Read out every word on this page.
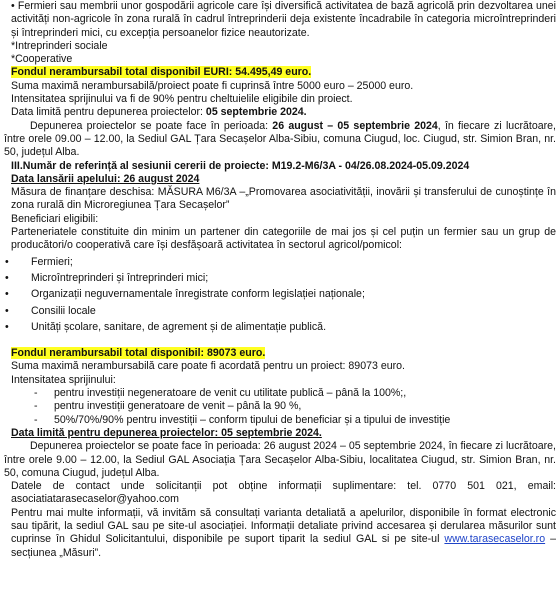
• Fermieri sau membrii unor gospodării agricole care își diversifică activitatea de bază agricolă prin dezvoltarea unei activități non-agricole în zona rurală în cadrul întreprinderii deja existente încadrabile în categoria microîntreprinderi și întreprinderi mici, cu excepția persoanelor fizice neautorizate.

*Intreprinderi sociale

*Cooperative

Fondul nerambursabil total disponibil EURI: 54.495,49 euro.

Suma maximă nerambursabilă/proiect poate fi cuprinsă între 5000 euro – 25000 euro.

Intensitatea sprijinului va fi de 90% pentru cheltuielile eligibile din proiect.

Data limită pentru depunerea proiectelor: 05 septembrie 2024.

Depunerea proiectelor se poate face în perioada: 26 august – 05 septembrie 2024, în fiecare zi lucrătoare, între orele 09.00 – 12.00, la Sediul GAL Țara Secașelor Alba-Sibiu, comuna Ciugud, loc. Ciugud, str. Simion Bran, nr. 50, județul Alba.

III.Număr de referință al sesiunii cererii de proiecte: M19.2-M6/3A - 04/26.08.2024-05.09.2024

Data lansării apelului: 26 august 2024

Măsura de finanțare deschisa: MĂSURA M6/3A –„Promovarea asociativității, inovării și transferului de cunoștințe în zona rurală din Microregiunea Țara Secașelor”

Beneficiari eligibili:

Parteneriatele constituite din minim un partener din categoriile de mai jos și cel puțin un fermier sau un grup de producători/o cooperativă care își desfășoară activitatea în sectorul agricol/pomicol:

•	Fermieri;
•	Microîntreprinderi și întreprinderi mici;
•	Organizații neguvernamentale înregistrate conform legislației naționale;
•	Consilii locale
•	Unități școlare, sanitare, de agrement și de alimentație publică.

Fondul nerambursabil total disponibil: 89073 euro.

Suma maximă nerambursabilă care poate fi acordată pentru un proiect: 89073 euro.

Intensitatea sprijinului:

-	pentru investiții negeneratoare de venit cu utilitate publică – până la 100%;,
-	pentru investiții generatoare de venit – până la 90 %,
-	50%/70%/90% pentru investiții – conform tipului de beneficiar și a tipului de investiție

Data limită pentru depunerea proiectelor: 05 septembrie 2024.

Depunerea proiectelor se poate face în perioada: 26 august 2024 – 05 septembrie 2024, în fiecare zi lucrătoare, între orele 9.00 – 12.00, la Sediul GAL Asociația Țara Secașelor Alba-Sibiu, localitatea Ciugud, str. Simion Bran, nr. 50, comuna Ciugud, județul Alba.

Datele de contact unde solicitanții pot obține informații suplimentare: tel. 0770 501 021, email: asociatiatarasecaselor@yahoo.com

Pentru mai multe informații, vă invităm să consultați varianta detaliată a apelurilor, disponibile în format electronic sau tipărit, la sediul GAL sau pe site-ul asociației. Informații detaliate privind accesarea și derularea măsurilor sunt cuprinse în Ghidul Solicitantului, disponibile pe suport tiparit la sediul GAL si pe site-ul www.tarasecaselor.ro – secțiunea „Măsuri”.
